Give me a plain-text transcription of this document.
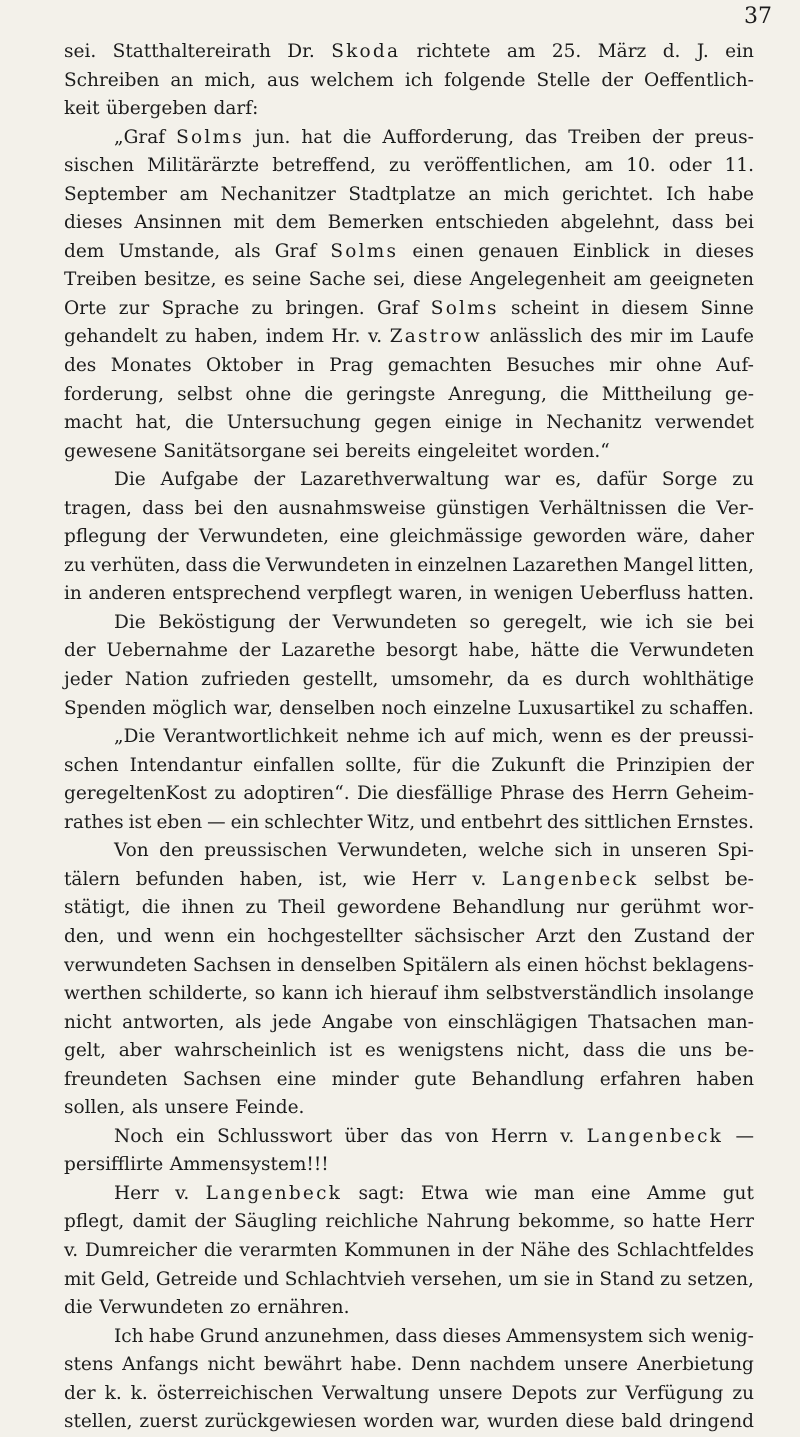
37
sei. Statthaltereirath Dr. Skoda richtete am 25. März d. J. ein
Schreiben an mich, aus welchem ich folgende Stelle der Oeffentlich-
keit übergeben darf:
„Graf Solms jun. hat die Aufforderung, das Treiben der preus-
sischen Militärärzte betreffend, zu veröffentlichen, am 10. oder 11.
September am Nechanitzer Stadtplatze an mich gerichtet. Ich habe
dieses Ansinnen mit dem Bemerken entschieden abgelehnt, dass bei
dem Umstande, als Graf Solms einen genauen Einblick in dieses
Treiben besitze, es seine Sache sei, diese Angelegenheit am geeigneten
Orte zur Sprache zu bringen. Graf Solms scheint in diesem Sinne
gehandelt zu haben, indem Hr. v. Zastrow anlässlich des mir im Laufe
des Monates Oktober in Prag gemachten Besuches mir ohne Auf-
forderung, selbst ohne die geringste Anregung, die Mittheilung ge-
macht hat, die Untersuchung gegen einige in Nechanitz verwendet
gewesene Sanitätsorgane sei bereits eingeleitet worden.“
Die Aufgabe der Lazarethverwaltung war es, dafür Sorge zu
tragen, dass bei den ausnahmsweise günstigen Verhältnissen die Ver-
pflegung der Verwundeten, eine gleichmässige geworden wäre, daher
zu verhüten, dass die Verwundeten in einzelnen Lazarethen Mangel litten,
in anderen entsprechend verpflegt waren, in wenigen Ueberfluss hatten.
Die Beköstigung der Verwundeten so geregelt, wie ich sie bei
der Uebernahme der Lazarethe besorgt habe, hätte die Verwundeten
jeder Nation zufrieden gestellt, umsomehr, da es durch wohlthätige
Spenden möglich war, denselben noch einzelne Luxusartikel zu schaffen.
„Die Verantwortlichkeit nehme ich auf mich, wenn es der preussi-
schen Intendantur einfallen sollte, für die Zukunft die Prinzipien der
geregeltenKost zu adoptiren“. Die diesfällige Phrase des Herrn Geheim-
rathes ist eben — ein schlechter Witz, und entbehrt des sittlichen Ernstes.
Von den preussischen Verwundeten, welche sich in unseren Spi-
tälern befunden haben, ist, wie Herr v. Langenbeck selbst be-
stätigt, die ihnen zu Theil gewordene Behandlung nur gerühmt wor-
den, und wenn ein hochgestellter sächsischer Arzt den Zustand der
verwundeten Sachsen in denselben Spitälern als einen höchst beklagens-
werthen schilderte, so kann ich hierauf ihm selbstverständlich insolange
nicht antworten, als jede Angabe von einschlägigen Thatsachen man-
gelt, aber wahrscheinlich ist es wenigstens nicht, dass die uns be-
freundeten Sachsen eine minder gute Behandlung erfahren haben
sollen, als unsere Feinde.
Noch ein Schlusswort über das von Herrn v. Langenbeck —
persifflirte Ammensystem!!!
Herr v. Langenbeck sagt: Etwa wie man eine Amme gut
pflegt, damit der Säugling reichliche Nahrung bekomme, so hatte Herr
v. Dumreicher die verarmten Kommunen in der Nähe des Schlachtfeldes
mit Geld, Getreide und Schlachtvieh versehen, um sie in Stand zu setzen,
die Verwundeten zo ernähren.
Ich habe Grund anzunehmen, dass dieses Ammensystem sich wenig-
stens Anfangs nicht bewährt habe. Denn nachdem unsere Anerbietung
der k. k. österreichischen Verwaltung unsere Depots zur Verfügung zu
stellen, zuerst zurückgewiesen worden war, wurden diese bald dringend
